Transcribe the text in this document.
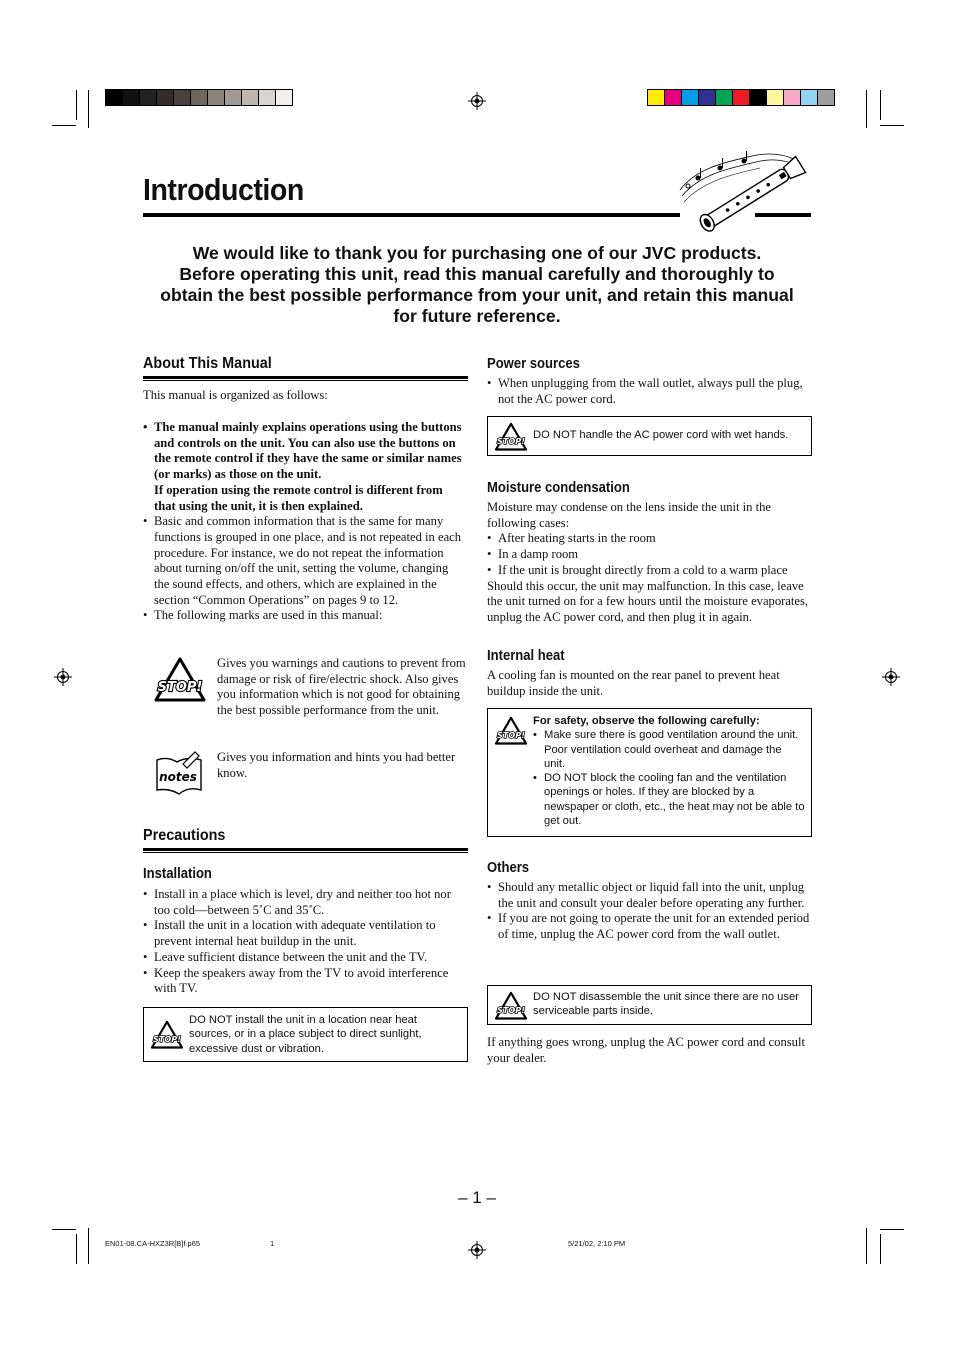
Introduction
We would like to thank you for purchasing one of our JVC products.
Before operating this unit, read this manual carefully and thoroughly to
obtain the best possible performance from your unit, and retain this manual
for future reference.
About This Manual
This manual is organized as follows:
• The manual mainly explains operations using the buttons and controls on the unit. You can also use the buttons on the remote control if they have the same or similar names (or marks) as those on the unit.
If operation using the remote control is different from that using the unit, it is then explained.
• Basic and common information that is the same for many functions is grouped in one place, and is not repeated in each procedure. For instance, we do not repeat the information about turning on/off the unit, setting the volume, changing the sound effects, and others, which are explained in the section “Common Operations” on pages 9 to 12.
• The following marks are used in this manual:
STOP!
Gives you warnings and cautions to prevent from damage or risk of fire/electric shock. Also gives you information which is not good for obtaining the best possible performance from the unit.
notes
Gives you information and hints you had better know.
Precautions
Installation
• Install in a place which is level, dry and neither too hot nor too cold—between 5˚C and 35˚C.
• Install the unit in a location with adequate ventilation to prevent internal heat buildup in the unit.
• Leave sufficient distance between the unit and the TV.
• Keep the speakers away from the TV to avoid interference with TV.
STOP!
DO NOT install the unit in a location near heat sources, or in a place subject to direct sunlight, excessive dust or vibration.
Power sources
• When unplugging from the wall outlet, always pull the plug, not the AC power cord.
STOP! DO NOT handle the AC power cord with wet hands.
Moisture condensation
Moisture may condense on the lens inside the unit in the following cases:
• After heating starts in the room
• In a damp room
• If the unit is brought directly from a cold to a warm place
Should this occur, the unit may malfunction. In this case, leave the unit turned on for a few hours until the moisture evaporates, unplug the AC power cord, and then plug it in again.
Internal heat
A cooling fan is mounted on the rear panel to prevent heat buildup inside the unit.
STOP!
For safety, observe the following carefully:
• Make sure there is good ventilation around the unit. Poor ventilation could overheat and damage the unit.
• DO NOT block the cooling fan and the ventilation openings or holes. If they are blocked by a newspaper or cloth, etc., the heat may not be able to get out.
Others
• Should any metallic object or liquid fall into the unit, unplug the unit and consult your dealer before operating any further.
• If you are not going to operate the unit for an extended period of time, unplug the AC power cord from the wall outlet.
STOP!
DO NOT disassemble the unit since there are no user serviceable parts inside.
If anything goes wrong, unplug the AC power cord and consult your dealer.
– 1 –
EN01-08.CA-HXZ3R[B]f.p65	1	5/21/02, 2:10 PM
